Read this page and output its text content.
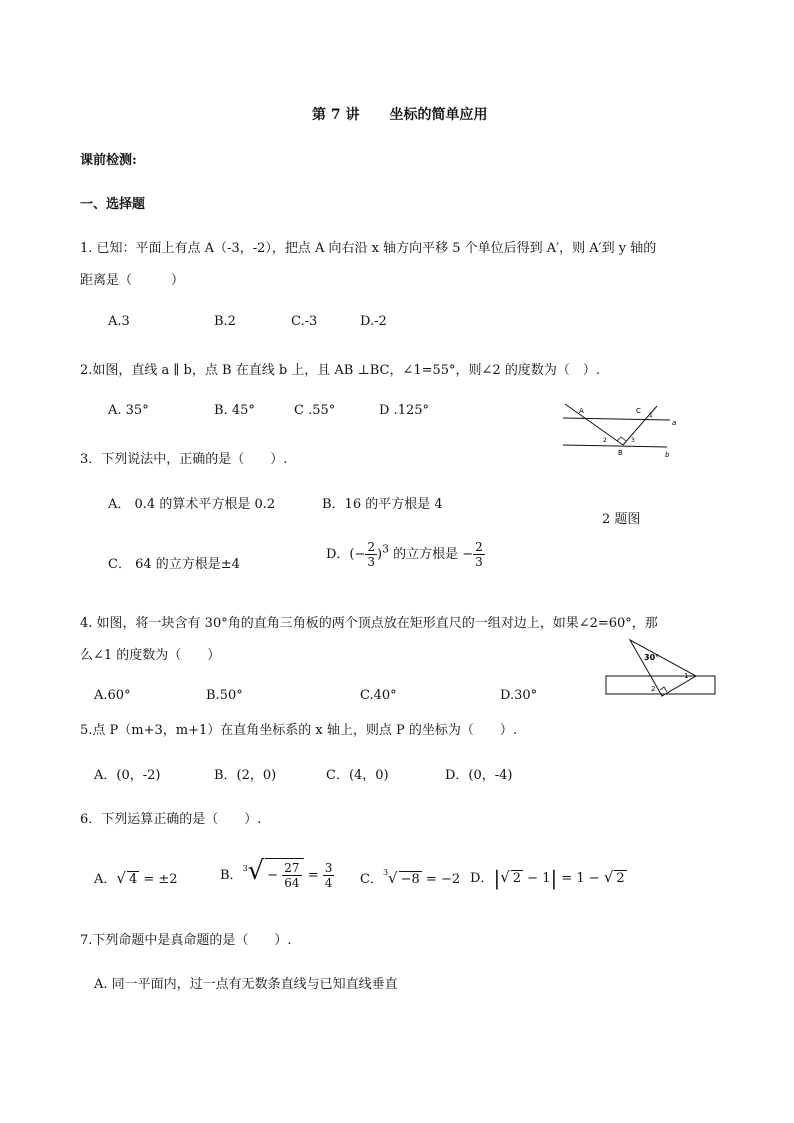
第 7 讲 坐标的简单应用
课前检测:
一、选择题
1. 已知：平面上有点 A（-3，-2），把点 A 向右沿 x 轴方向平移 5 个单位后得到 A′，则 A′到 y 轴的
距离是（　　　）
A.3	B.2	C.-3	D.-2
2.如图，直线 a ∥ b，点 B 在直线 b 上，且 AB ⊥BC，∠1=55°，则∠2 的度数为（　）.
A. 35°	B. 45°	C .55°	D .125°	A	C
1
a
2	3
B	b
3．下列说法中，正确的是（　　）.
A． 0.4 的算术平方根是 0.2	B．16 的平方根是 4
2 题图
C． 64 的立方根是±4
D．(− $\frac{2}{3} )^3$ 的立方根是 − $\frac{2}{3}$
4. 如图，将一块含有 30°角的直角三角板的两个顶点放在矩形直尺的一组对边上，如果∠2=60°，那
么∠1 的度数为（　　）
A.60°	B.50°	C.40°	D.30°
30°
1
2
5.点 P（m+3，m+1）在直角坐标系的 x 轴上，则点 P 的坐标为（　　）.
A．(0，-2)	B．(2，0)	C．(4，0)	D．(0，-4)
6．下列运算正确的是（　　）.
A．√ 4 = ±2	B．$^3√ - \frac{27}{64} = \frac{3}{4}$ C．$^3$√ −8 = −2 D．|√ 2 − 1| = 1 − √ 2
7.下列命题中是真命题的是（　　）.
A. 同一平面内，过一点有无数条直线与已知直线垂直
